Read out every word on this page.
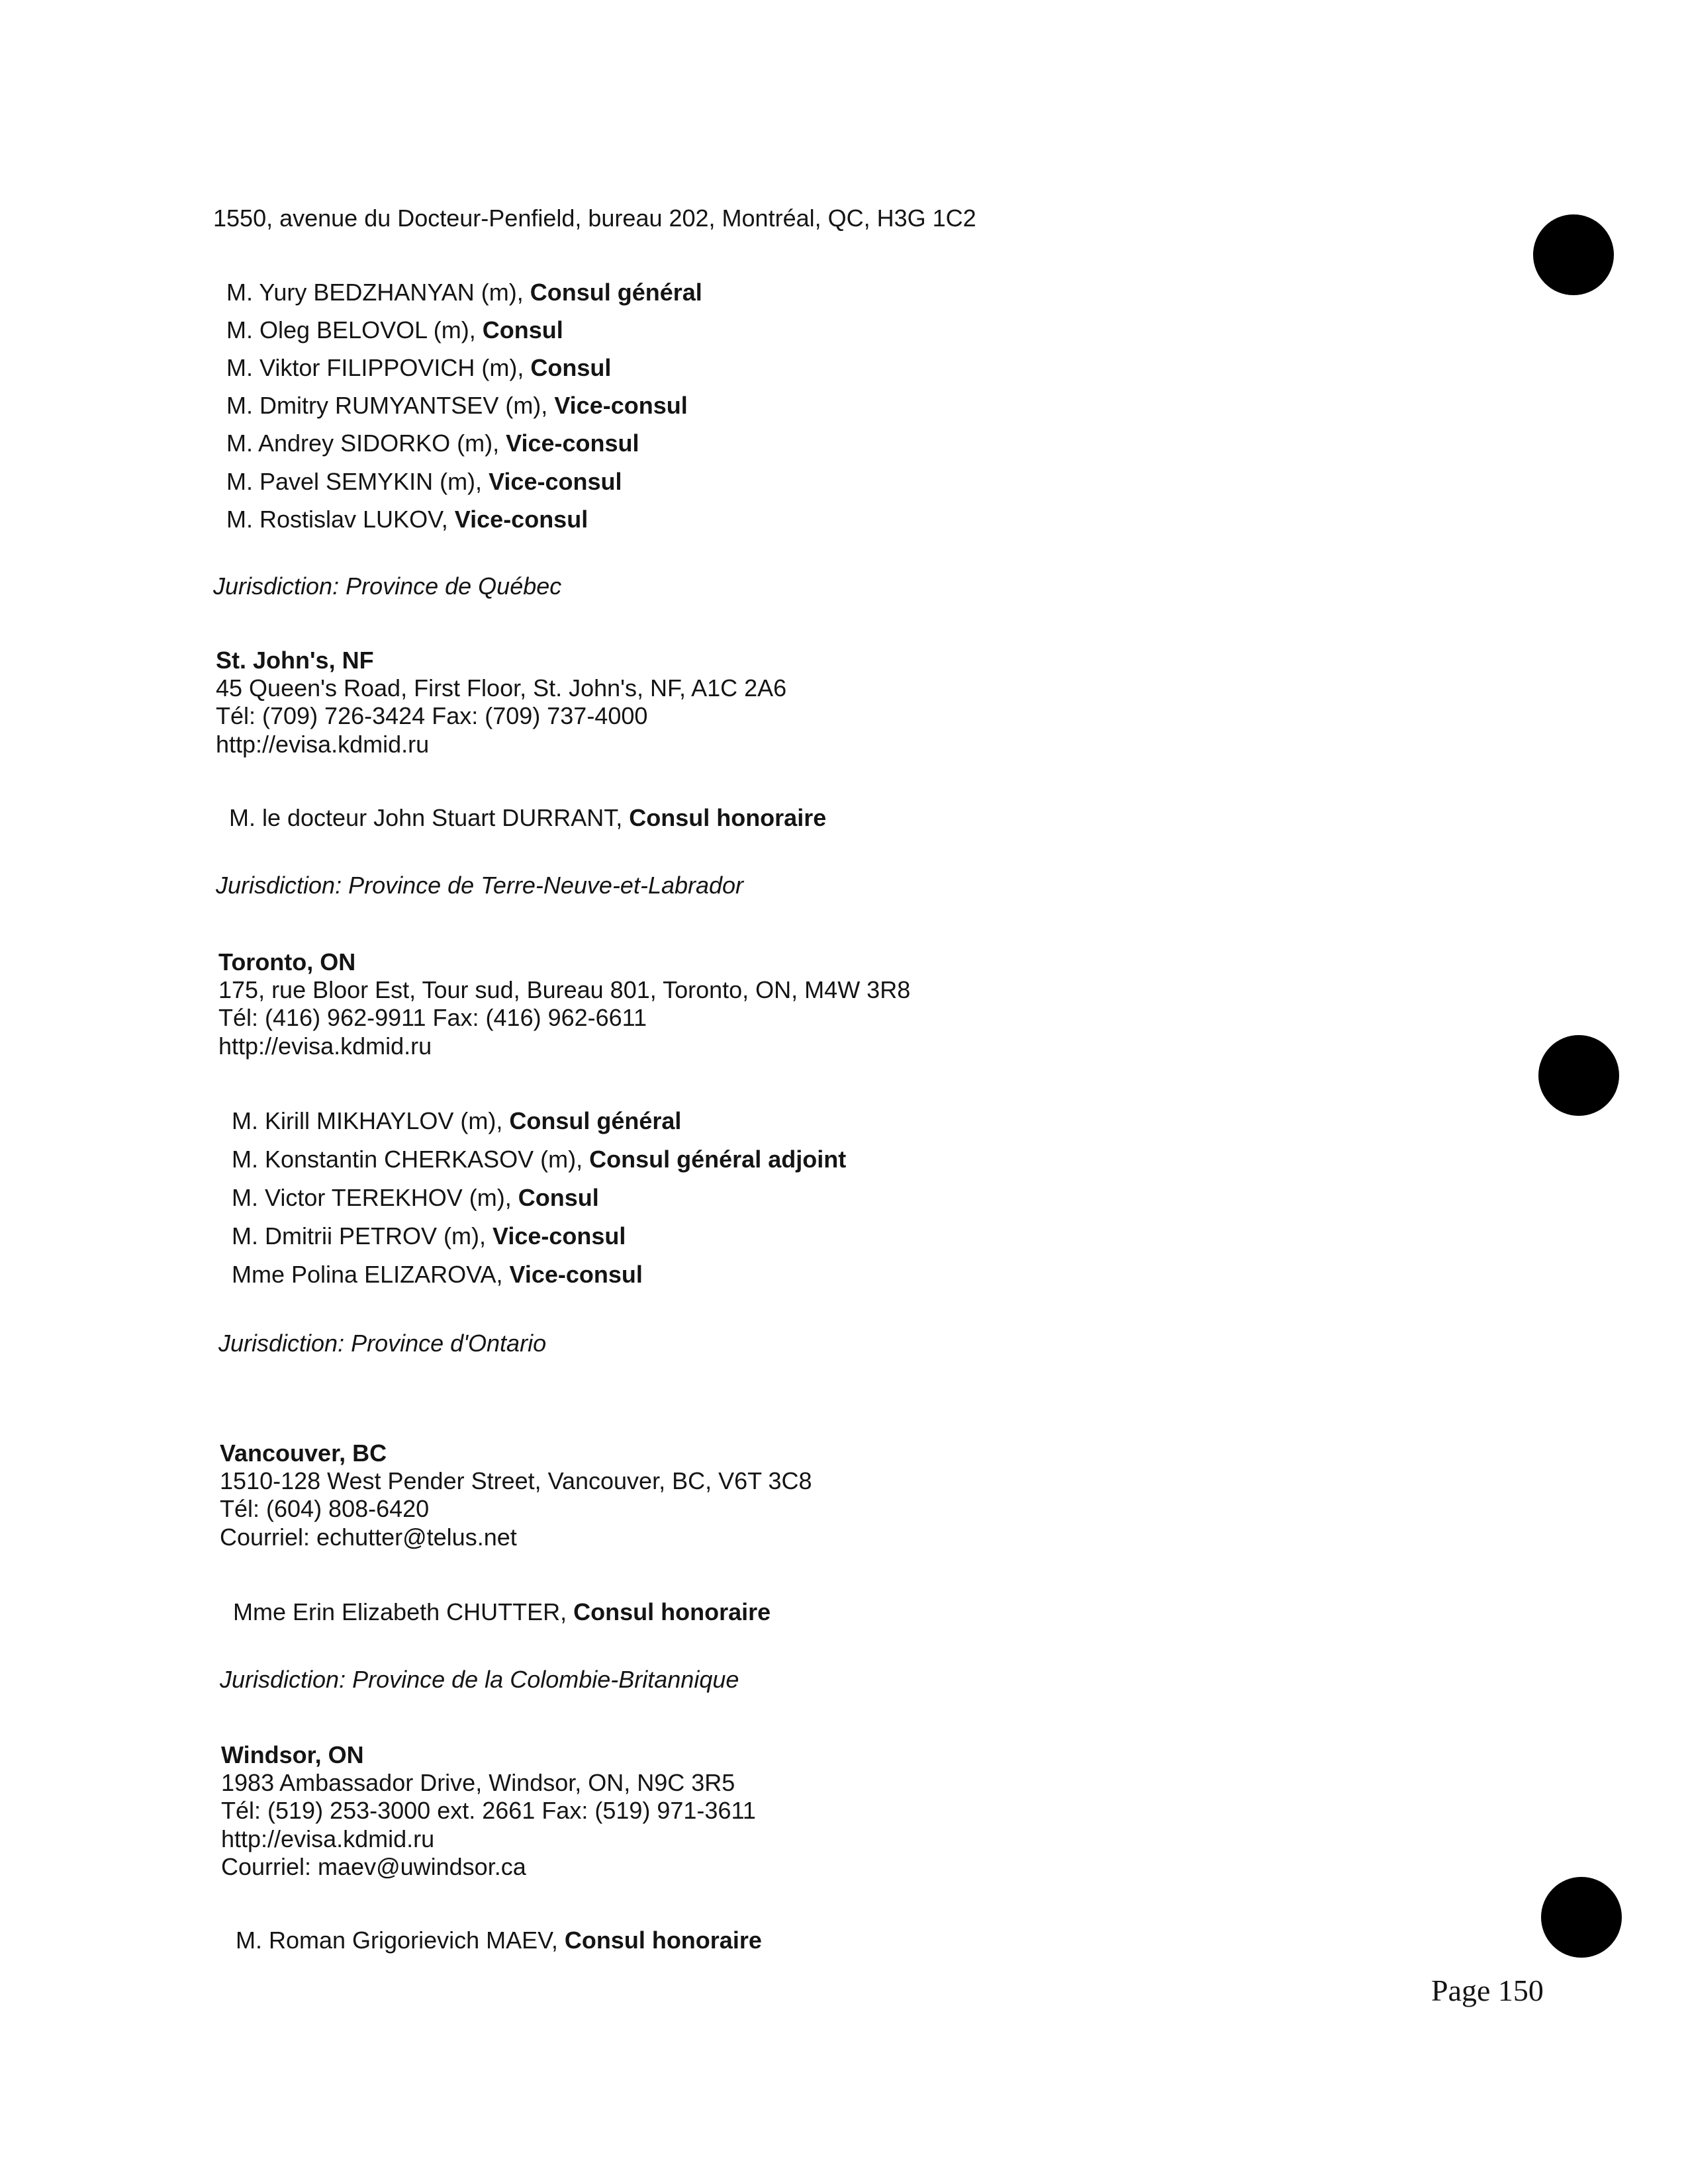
1550, avenue du Docteur-Penfield, bureau 202, Montréal, QC, H3G 1C2
M. Yury BEDZHANYAN (m), Consul général
M. Oleg BELOVOL (m), Consul
M. Viktor FILIPPOVICH (m), Consul
M. Dmitry RUMYANTSEV (m), Vice-consul
M. Andrey SIDORKO (m), Vice-consul
M. Pavel SEMYKIN (m), Vice-consul
M. Rostislav LUKOV, Vice-consul
Jurisdiction: Province de Québec
St. John's, NF
45 Queen's Road, First Floor, St. John's, NF, A1C 2A6
Tél: (709) 726-3424 Fax: (709) 737-4000
http://evisa.kdmid.ru
M. le docteur John Stuart DURRANT, Consul honoraire
Jurisdiction: Province de Terre-Neuve-et-Labrador
Toronto, ON
175, rue Bloor Est, Tour sud, Bureau 801, Toronto, ON, M4W 3R8
Tél: (416) 962-9911 Fax: (416) 962-6611
http://evisa.kdmid.ru
M. Kirill MIKHAYLOV (m), Consul général
M. Konstantin CHERKASOV (m), Consul général adjoint
M. Victor TEREKHOV (m), Consul
M. Dmitrii PETROV (m), Vice-consul
Mme Polina ELIZAROVA, Vice-consul
Jurisdiction: Province d'Ontario
Vancouver, BC
1510-128 West Pender Street, Vancouver, BC, V6T 3C8
Tél: (604) 808-6420
Courriel: echutter@telus.net
Mme Erin Elizabeth CHUTTER, Consul honoraire
Jurisdiction: Province de la Colombie-Britannique
Windsor, ON
1983 Ambassador Drive, Windsor, ON, N9C 3R5
Tél: (519) 253-3000 ext. 2661 Fax: (519) 971-3611
http://evisa.kdmid.ru
Courriel: maev@uwindsor.ca
M. Roman Grigorievich MAEV, Consul honoraire
Page 150
